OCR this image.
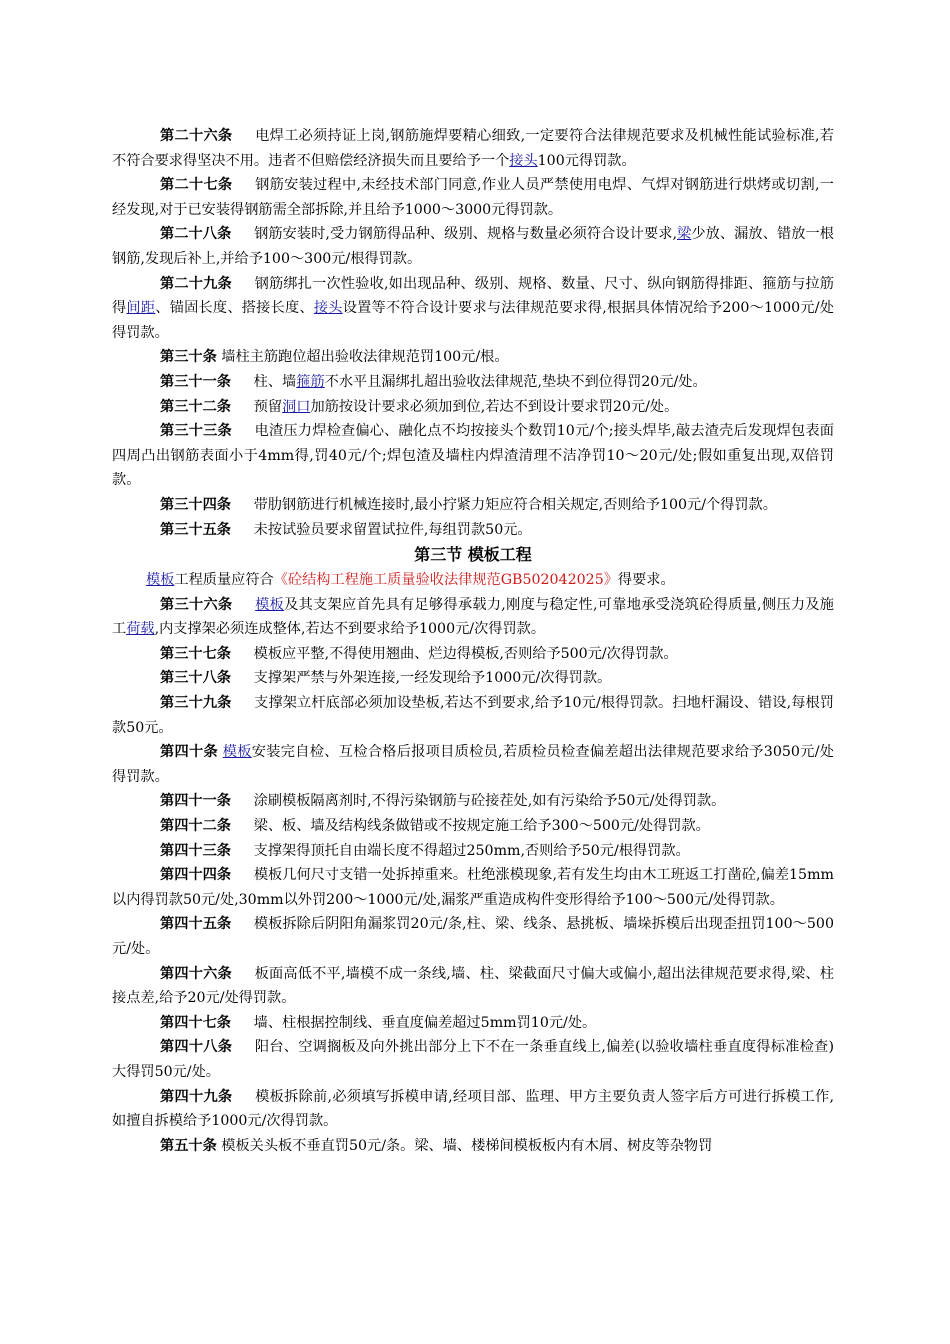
第二十六条 电焊工必须持证上岗,钢筋施焊要精心细致,一定要符合法律规范要求及机械性能试验标准,若不符合要求得坚决不用。违者不但赔偿经济损失而且要给予一个接头100元得罚款。

第二十七条 钢筋安装过程中,未经技术部门同意,作业人员严禁使用电焊、气焊对钢筋进行烘烤或切割,一经发现,对于已安装得钢筋需全部拆除,并且给予1000～3000元得罚款。

第二十八条 钢筋安装时,受力钢筋得品种、级别、规格与数量必须符合设计要求,梁少放、漏放、错放一根钢筋,发现后补上,并给予100～300元/根得罚款。

第二十九条 钢筋绑扎一次性验收,如出现品种、级别、规格、数量、尺寸、纵向钢筋得排距、箍筋与拉筋得间距、锚固长度、搭接长度、接头设置等不符合设计要求与法律规范要求得,根据具体情况给予200～1000元/处得罚款。

第三十条 墙柱主筋跑位超出验收法律规范罚100元/根。

第三十一条 柱、墙箍筋不水平且漏绑扎超出验收法律规范,垫块不到位得罚20元/处。

第三十二条 预留洞口加筋按设计要求必须加到位,若达不到设计要求罚20元/处。

第三十三条 电渣压力焊检查偏心、融化点不均按接头个数罚10元/个;接头焊毕,敲去渣壳后发现焊包表面四周凸出钢筋表面小于4mm得,罚40元/个;焊包渣及墙柱内焊渣清理不洁净罚10～20元/处;假如重复出现,双倍罚款。

第三十四条 带肋钢筋进行机械连接时,最小拧紧力矩应符合相关规定,否则给予100元/个得罚款。

第三十五条 未按试验员要求留置试拉件,每组罚款50元。

第三节 模板工程

模板工程质量应符合《砼结构工程施工质量验收法律规范GB502042025》得要求。

第三十六条 模板及其支架应首先具有足够得承载力,刚度与稳定性,可靠地承受浇筑砼得质量,侧压力及施工荷载,内支撑架必须连成整体,若达不到要求给予1000元/次得罚款。

第三十七条 模板应平整,不得使用翘曲、烂边得模板,否则给予500元/次得罚款。

第三十八条 支撑架严禁与外架连接,一经发现给予1000元/次得罚款。

第三十九条 支撑架立杆底部必须加设垫板,若达不到要求,给予10元/根得罚款。扫地杆漏设、错设,每根罚款50元。

第四十条 模板安装完自检、互检合格后报项目质检员,若质检员检查偏差超出法律规范要求给予3050元/处得罚款。

第四十一条 涂刷模板隔离剂时,不得污染钢筋与砼接茬处,如有污染给予50元/处得罚款。

第四十二条 梁、板、墙及结构线条做错或不按规定施工给予300～500元/处得罚款。

第四十三条 支撑架得顶托自由端长度不得超过250mm,否则给予50元/根得罚款。

第四十四条 模板几何尺寸支错一处拆掉重来。杜绝涨模现象,若有发生均由木工班返工打凿砼,偏差15mm以内得罚款50元/处,30mm以外罚200～1000元/处,漏浆严重造成构件变形得给予100～500元/处得罚款。

第四十五条 模板拆除后阴阳角漏浆罚20元/条,柱、梁、线条、悬挑板、墙垛拆模后出现歪扭罚100～500元/处。

第四十六条 板面高低不平,墙模不成一条线,墙、柱、梁截面尺寸偏大或偏小,超出法律规范要求得,梁、柱接点差,给予20元/处得罚款。

第四十七条 墙、柱根据控制线、垂直度偏差超过5mm罚10元/处。

第四十八条 阳台、空调搁板及向外挑出部分上下不在一条垂直线上,偏差(以验收墙柱垂直度得标准检查)大得罚50元/处。

第四十九条 模板拆除前,必须填写拆模申请,经项目部、监理、甲方主要负责人签字后方可进行拆模工作,如擅自拆模给予1000元/次得罚款。

第五十条 模板关头板不垂直罚50元/条。梁、墙、楼梯间模板板内有木屑、树皮等杂物罚
